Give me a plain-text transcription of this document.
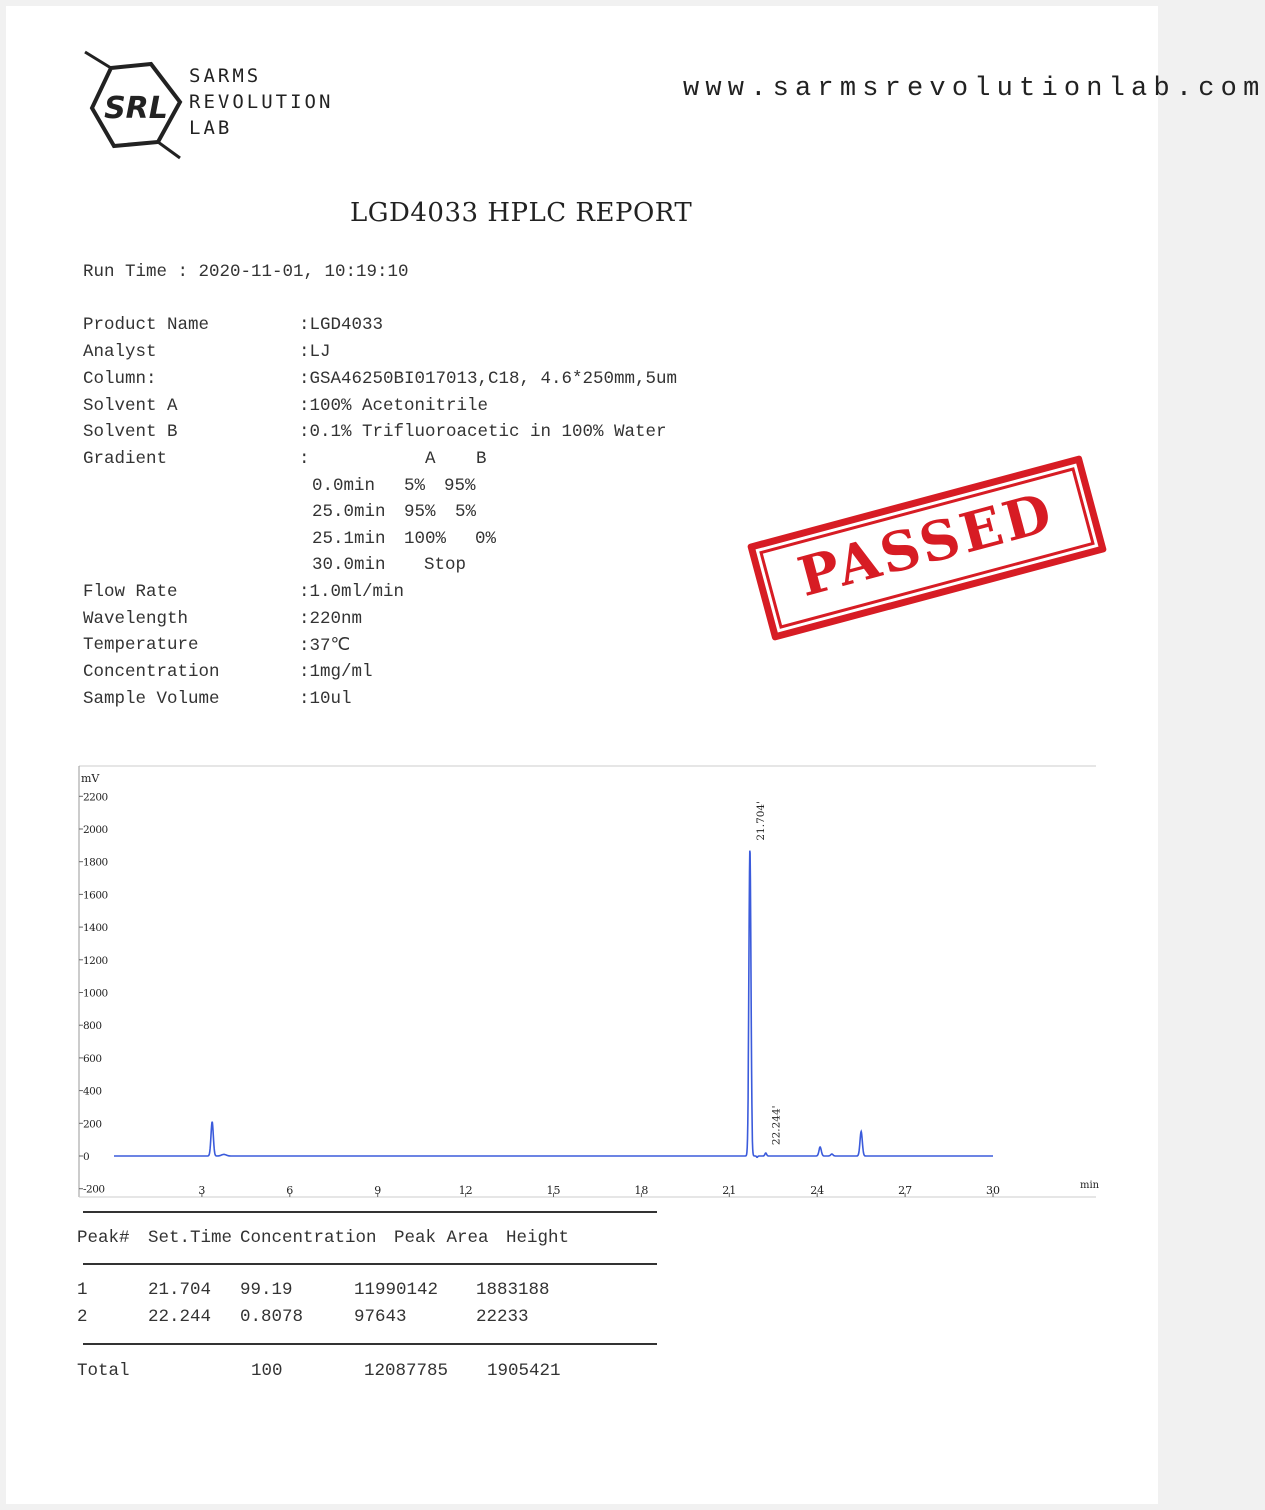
SRL
SARMS
REVOLUTION
LAB
www.sarmsrevolutionlab.com
LGD4033 HPLC REPORT
Run Time : 2020-11-01, 10:19:10
Product Name	:LGD4033
Analyst	:LJ
Column:	:GSA46250BI017013,C18, 4.6*250mm,5um
Solvent A	:100% Acetonitrile
Solvent B	:0.1% Trifluoroacetic in 100% Water
Gradient	:	A B
0.0min 5% 95%
25.0min 95% 5%
25.1min 100% 0%
30.0min Stop
Flow Rate	:1.0ml/min
Wavelength	:220nm
Temperature	:37℃
Concentration	:1mg/ml
Sample Volume	:10ul
PASSED
mV
-200
0
200
400
600
800
1000
1200
1400
1600
1800
2000
2200
3	6	9	12	15	18	21	24	27	30	min
21.704'
22.244'
Peak# Set.Time Concentration Peak Area Height
1	21.704 99.19	11990142 1883188
2	22.244 0.8078	97643	22233
Total	100	12087785 1905421
